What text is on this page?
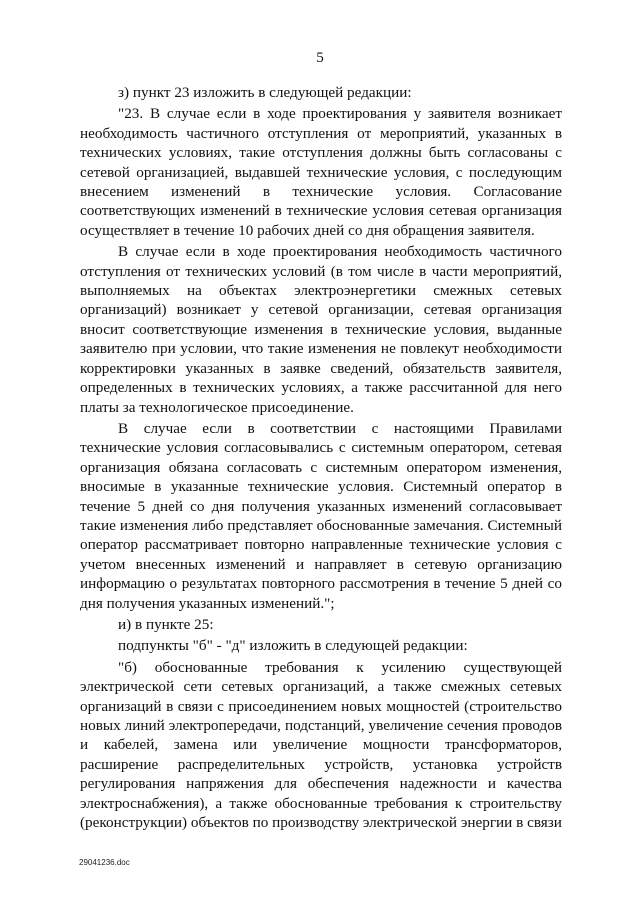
5

з) пункт 23 изложить в следующей редакции:

"23. В случае если в ходе проектирования у заявителя возникает необходимость частичного отступления от мероприятий, указанных в технических условиях, такие отступления должны быть согласованы с сетевой организацией, выдавшей технические условия, с последующим внесением изменений в технические условия. Согласование соответствующих изменений в технические условия сетевая организация осуществляет в течение 10 рабочих дней со дня обращения заявителя.

В случае если в ходе проектирования необходимость частичного отступления от технических условий (в том числе в части мероприятий, выполняемых на объектах электроэнергетики смежных сетевых организаций) возникает у сетевой организации, сетевая организация вносит соответствующие изменения в технические условия, выданные заявителю при условии, что такие изменения не повлекут необходимости корректировки указанных в заявке сведений, обязательств заявителя, определенных в технических условиях, а также рассчитанной для него платы за технологическое присоединение.

В случае если в соответствии с настоящими Правилами технические условия согласовывались с системным оператором, сетевая организация обязана согласовать с системным оператором изменения, вносимые в указанные технические условия. Системный оператор в течение 5 дней со дня получения указанных изменений согласовывает такие изменения либо представляет обоснованные замечания. Системный оператор рассматривает повторно направленные технические условия с учетом внесенных изменений и направляет в сетевую организацию информацию о результатах повторного рассмотрения в течение 5 дней со дня получения указанных изменений.";

и) в пункте 25:

подпункты "б" - "д" изложить в следующей редакции:

"б) обоснованные требования к усилению существующей электрической сети сетевых организаций, а также смежных сетевых организаций в связи с присоединением новых мощностей (строительство новых линий электропередачи, подстанций, увеличение сечения проводов и кабелей, замена или увеличение мощности трансформаторов, расширение распределительных устройств, установка устройств регулирования напряжения для обеспечения надежности и качества электроснабжения), а также обоснованные требования к строительству (реконструкции) объектов по производству электрической энергии в связи

29041236.doc
